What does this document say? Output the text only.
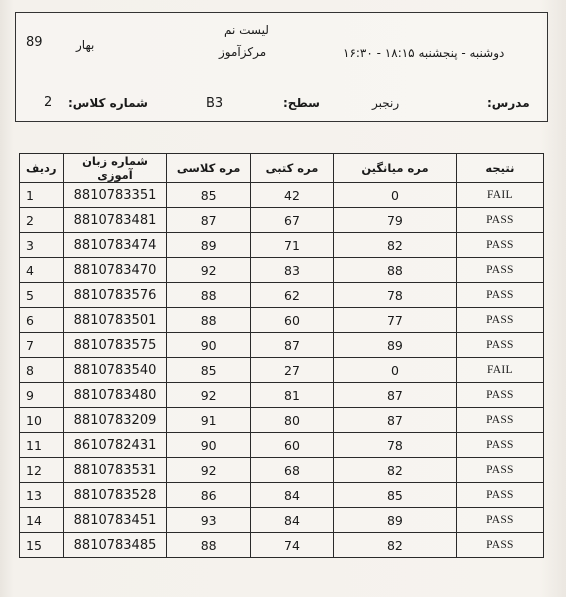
89	بهار
لیست نم
مرکزآموز	دوشنبه - پنجشنبه ۱۸:۱۵ - ۱۶:۳۰
2 شماره کلاس:	B3	سطح:	رنجبر	مدرس:
نتیجه	مره میانگین	مره کتبی	مره کلاسی	شماره زبان آموزی	ردیف
FAIL	0	42	85	8810783351	1
PASS	79	67	87	8810783481	2
PASS	82	71	89	8810783474	3
PASS	88	83	92	8810783470	4
PASS	78	62	88	8810783576	5
PASS	77	60	88	8810783501	6
PASS	89	87	90	8810783575	7
FAIL	0	27	85	8810783540	8
PASS	87	81	92	8810783480	9
PASS	87	80	91	8810783209	10
PASS	78	60	90	8610782431	11
PASS	82	68	92	8810783531	12
PASS	85	84	86	8810783528	13
PASS	89	84	93	8810783451	14
PASS	82	74	88	8810783485	15
